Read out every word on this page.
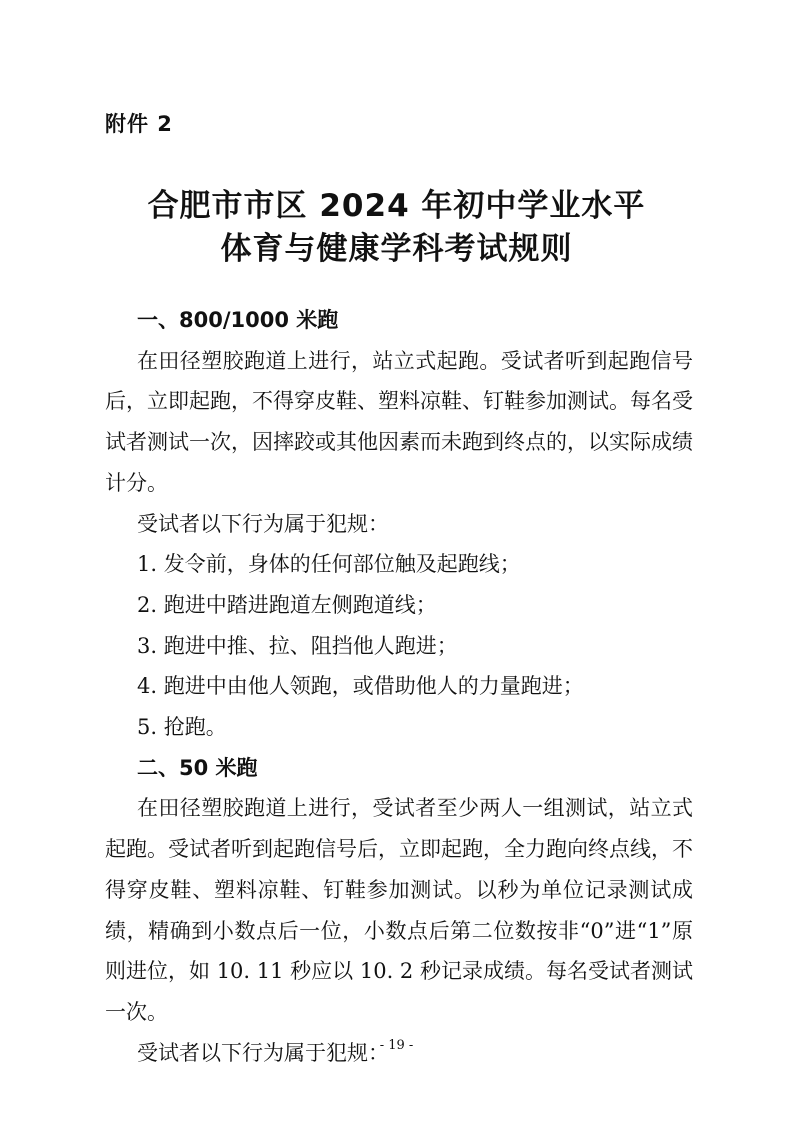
附件 2
合肥市市区 2024 年初中学业水平
体育与健康学科考试规则

一、800/1000 米跑

在田径塑胶跑道上进行，站立式起跑。受试者听到起跑信号后，立即起跑，不得穿皮鞋、塑料凉鞋、钉鞋参加测试。每名受试者测试一次，因摔跤或其他因素而未跑到终点的，以实际成绩计分。

受试者以下行为属于犯规：

1. 发令前，身体的任何部位触及起跑线；

2. 跑进中踏进跑道左侧跑道线；

3. 跑进中推、拉、阻挡他人跑进；

4. 跑进中由他人领跑，或借助他人的力量跑进；

5. 抢跑。

二、50 米跑

在田径塑胶跑道上进行，受试者至少两人一组测试，站立式起跑。受试者听到起跑信号后，立即起跑，全力跑向终点线，不得穿皮鞋、塑料凉鞋、钉鞋参加测试。以秒为单位记录测试成绩，精确到小数点后一位，小数点后第二位数按非“0”进“1”原则进位，如 10. 11 秒应以 10. 2 秒记录成绩。每名受试者测试一次。

受试者以下行为属于犯规：

- 19 -
